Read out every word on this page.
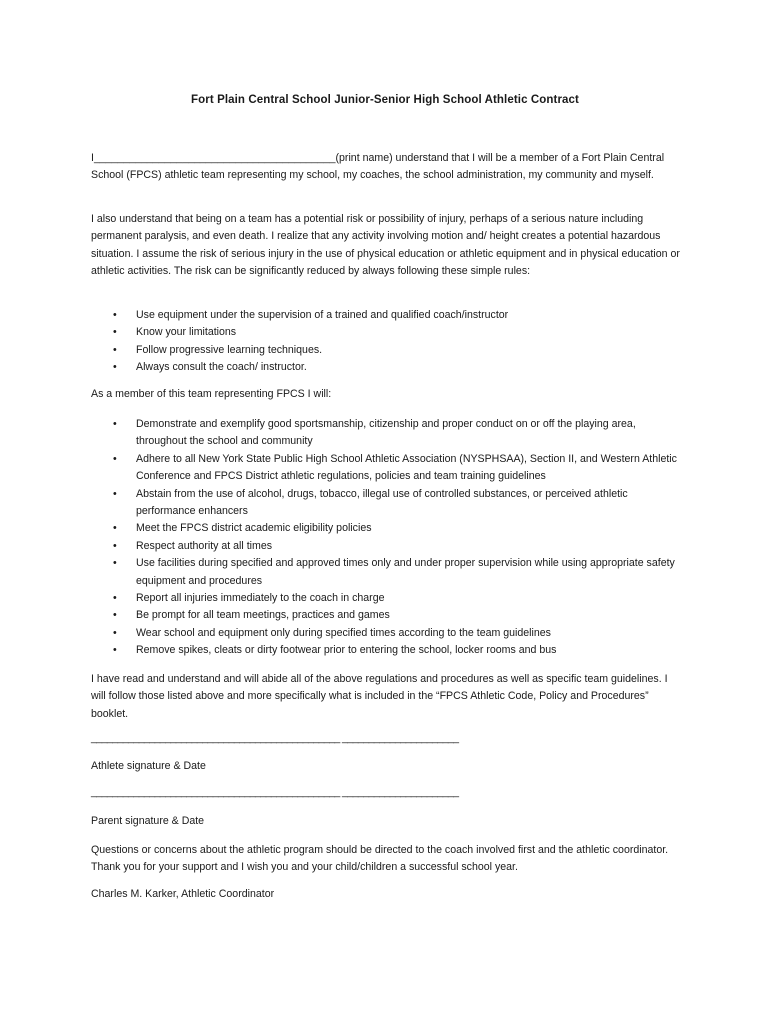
Fort Plain Central School Junior-Senior High School Athletic Contract

I_________________________________________(print name) understand that I will be a member of a Fort Plain Central School (FPCS) athletic team representing my school, my coaches, the school administration, my community and myself.

I also understand that being on a team has a potential risk or possibility of injury, perhaps of a serious nature including permanent paralysis, and even death. I realize that any activity involving motion and/ height creates a potential hazardous situation. I assume the risk of serious injury in the use of physical education or athletic equipment and in physical education or athletic activities. The risk can be significantly reduced by always following these simple rules:

• Use equipment under the supervision of a trained and qualified coach/instructor
• Know your limitations
• Follow progressive learning techniques.
• Always consult the coach/ instructor.

As a member of this team representing FPCS I will:

• Demonstrate and exemplify good sportsmanship, citizenship and proper conduct on or off the playing area, throughout the school and community
• Adhere to all New York State Public High School Athletic Association (NYSPHSAA), Section II, and Western Athletic Conference and FPCS District athletic regulations, policies and team training guidelines
• Abstain from the use of alcohol, drugs, tobacco, illegal use of controlled substances, or perceived athletic performance enhancers
• Meet the FPCS district academic eligibility policies
• Respect authority at all times
• Use facilities during specified and approved times only and under proper supervision while using appropriate safety equipment and procedures
• Report all injuries immediately to the coach in charge
• Be prompt for all team meetings, practices and games
• Wear school and equipment only during specified times according to the team guidelines
• Remove spikes, cleats or dirty footwear prior to entering the school, locker rooms and bus

I have read and understand and will abide all of the above regulations and procedures as well as specific team guidelines. I will follow those listed above and more specifically what is included in the “FPCS Athletic Code, Policy and Procedures” booklet.

_______________________________________________ ______________________
Athlete signature & Date
_______________________________________________ ______________________
Parent signature & Date

Questions or concerns about the athletic program should be directed to the coach involved first and the athletic coordinator. Thank you for your support and I wish you and your child/children a successful school year.

Charles M. Karker, Athletic Coordinator
